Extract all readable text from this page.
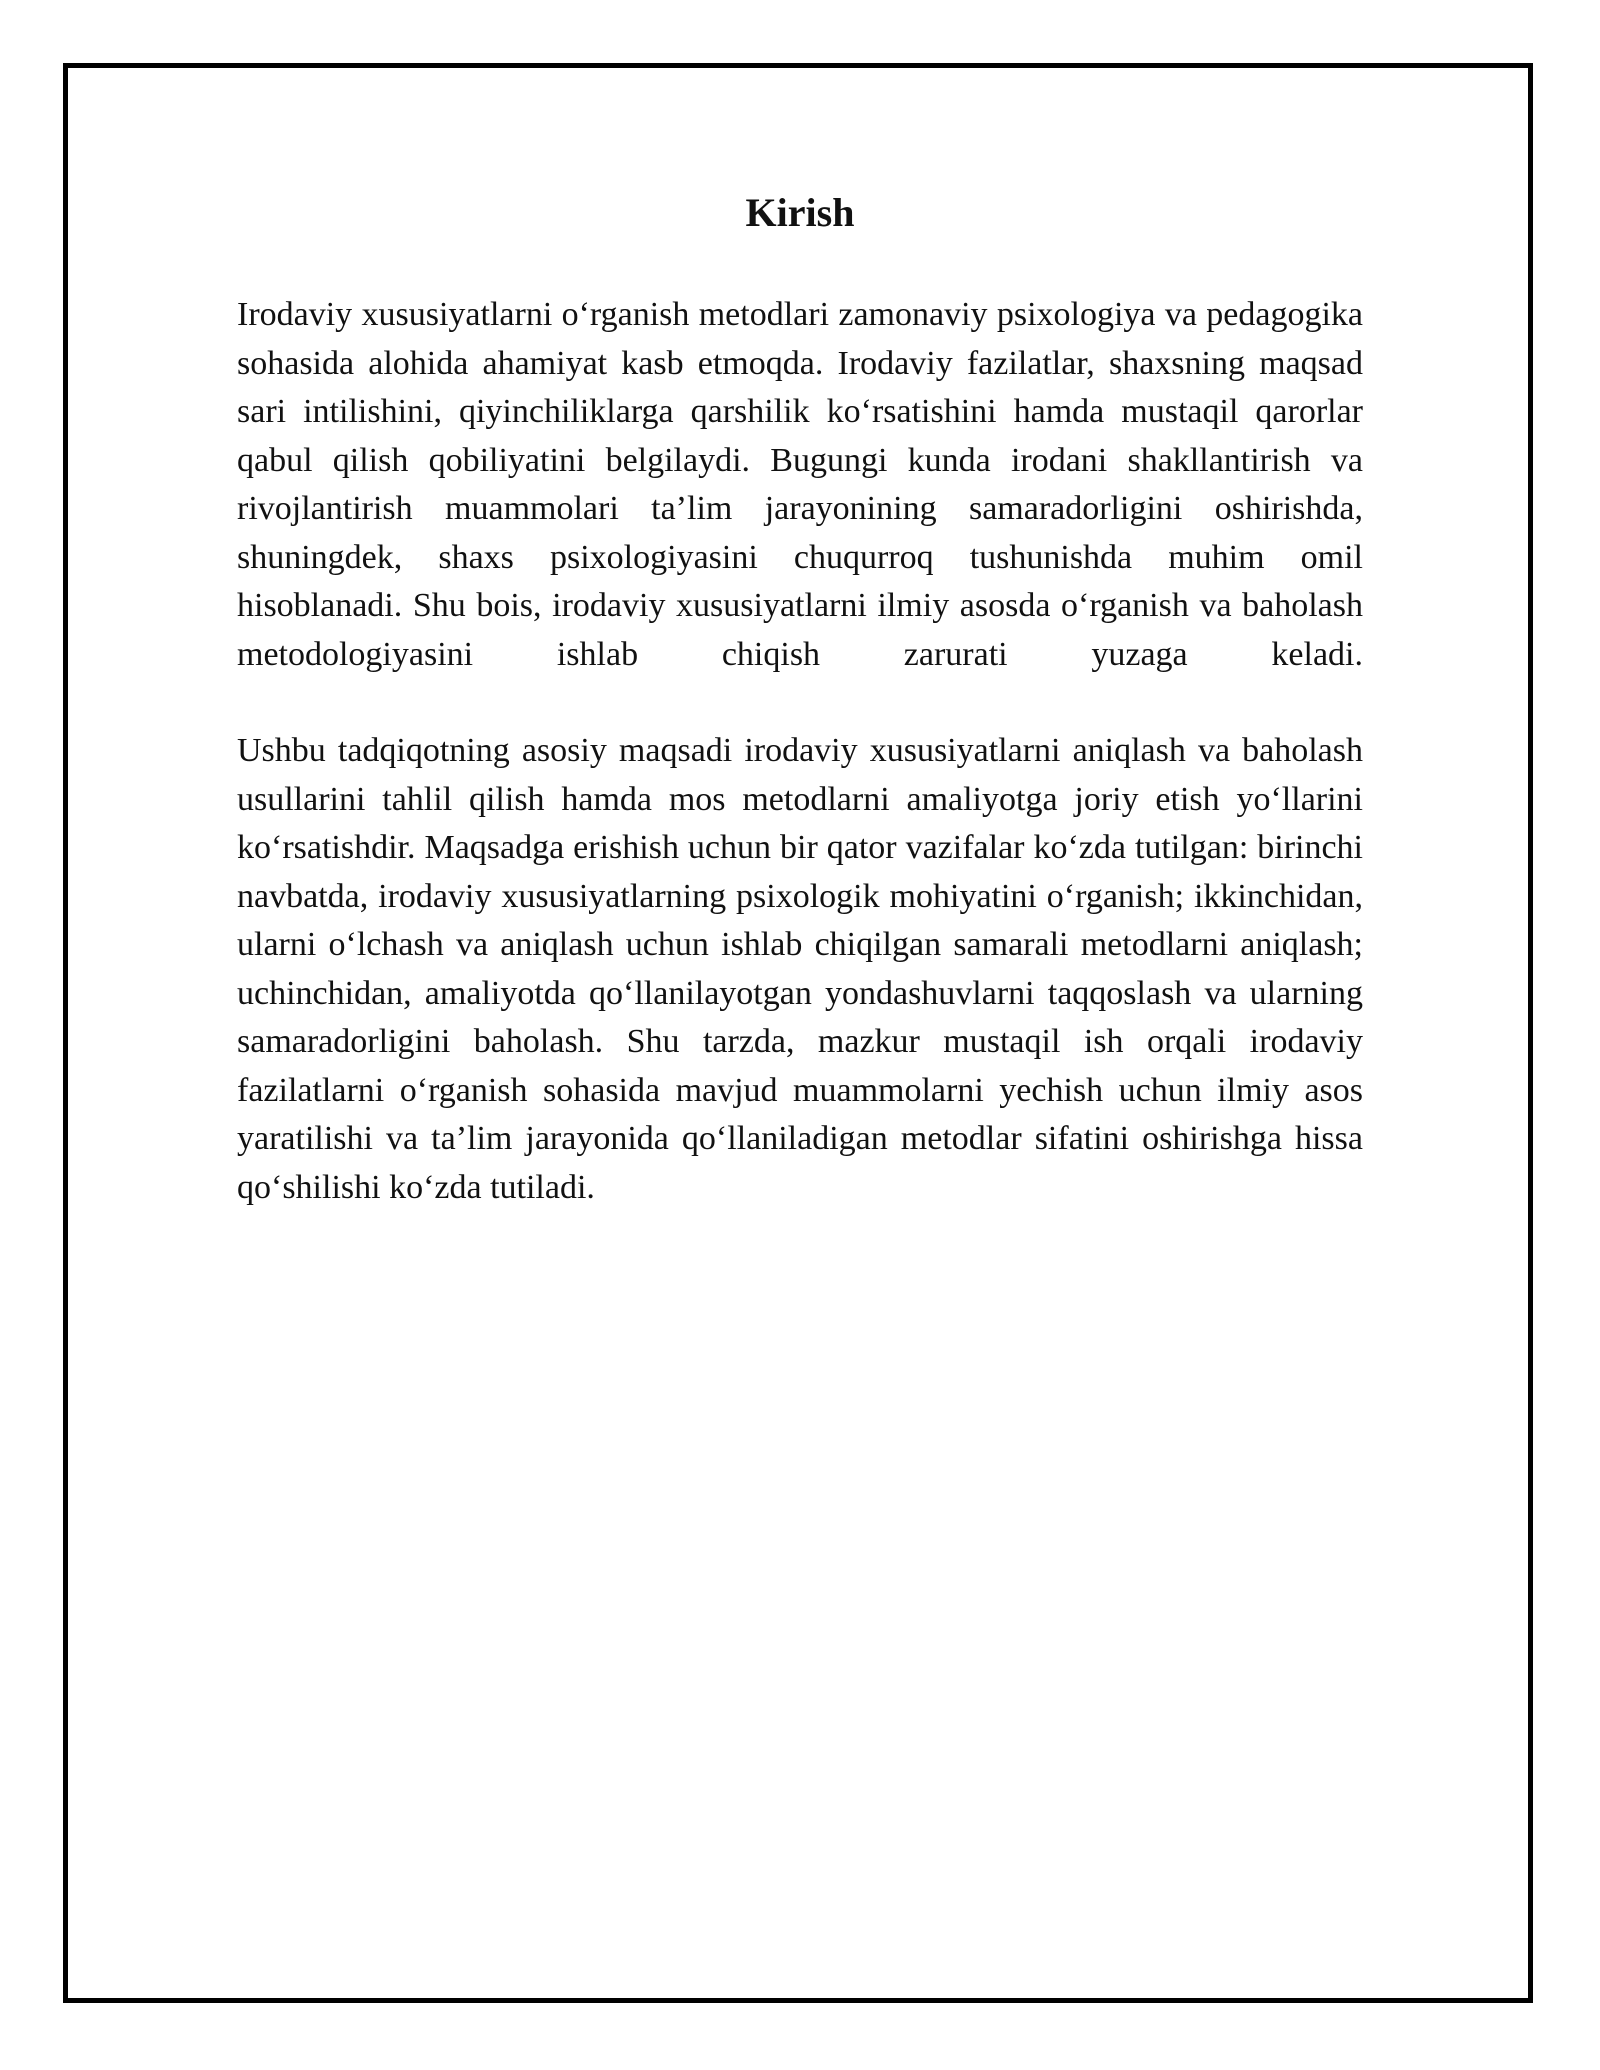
Kirish

Irodaviy xususiyatlarni o‘rganish metodlari zamonaviy psixologiya va pedagogika sohasida alohida ahamiyat kasb etmoqda. Irodaviy fazilatlar, shaxsning maqsad sari intilishini, qiyinchiliklarga qarshilik ko‘rsatishini hamda mustaqil qarorlar qabul qilish qobiliyatini belgilaydi. Bugungi kunda irodani shakllantirish va rivojlantirish muammolari ta’lim jarayonining samaradorligini oshirishda, shuningdek, shaxs psixologiyasini chuqurroq tushunishda muhim omil hisoblanadi. Shu bois, irodaviy xususiyatlarni ilmiy asosda o‘rganish va baholash metodologiyasini ishlab chiqish zarurati yuzaga keladi.

Ushbu tadqiqotning asosiy maqsadi irodaviy xususiyatlarni aniqlash va baholash usullarini tahlil qilish hamda mos metodlarni amaliyotga joriy etish yo‘llarini ko‘rsatishdir. Maqsadga erishish uchun bir qator vazifalar ko‘zda tutilgan: birinchi navbatda, irodaviy xususiyatlarning psixologik mohiyatini o‘rganish; ikkinchidan, ularni o‘lchash va aniqlash uchun ishlab chiqilgan samarali metodlarni aniqlash; uchinchidan, amaliyotda qo‘llanilayotgan yondashuvlarni taqqoslash va ularning samaradorligini baholash. Shu tarzda, mazkur mustaqil ish orqali irodaviy fazilatlarni o‘rganish sohasida mavjud muammolarni yechish uchun ilmiy asos yaratilishi va ta’lim jarayonida qo‘llaniladigan metodlar sifatini oshirishga hissa qo‘shilishi ko‘zda tutiladi.
